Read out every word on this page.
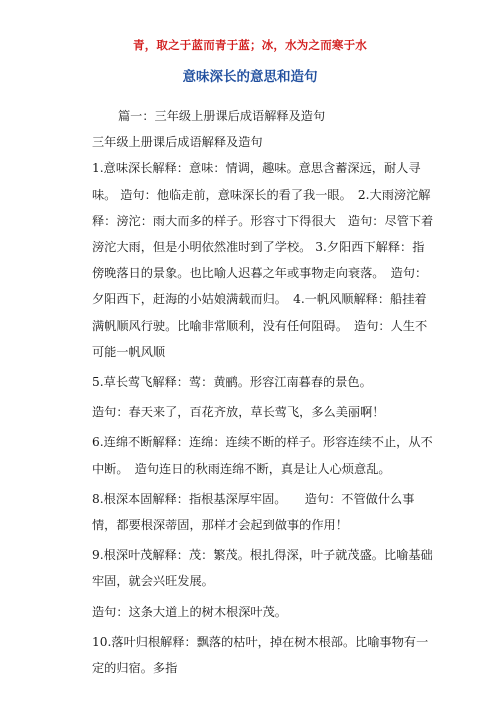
青，取之于蓝而青于蓝；冰，水为之而寒于水
意味深长的意思和造句

篇一：三年级上册课后成语解释及造句

三年级上册课后成语解释及造句

1.意味深长解释：意味：情调，趣味。意思含蓄深远，耐人寻味。 造句：他临走前，意味深长的看了我一眼。　2.大雨滂沱解释：滂沱：雨大而多的样子。形容寸下得很大　造句：尽管下着滂沱大雨，但是小明依然准时到了学校。 3.夕阳西下解释：指傍晚落日的景象。也比喻人迟暮之年或事物走向衰落。　造句：夕阳西下，赶海的小姑娘满载而归。　4.一帆风顺解释：船挂着满帆顺风行驶。比喻非常顺利，没有任何阻碍。　造句：人生不可能一帆风顺

5.草长莺飞解释：莺：黄鹂。形容江南暮春的景色。

造句：春天来了，百花齐放，草长莺飞，多么美丽啊！

6.连绵不断解释：连绵：连续不断的样子。形容连续不止，从不中断。　造句连日的秋雨连绵不断，真是让人心烦意乱。

8.根深本固解释：指根基深厚牢固。　　造句：不管做什么事情，都要根深蒂固，那样才会起到做事的作用！

9.根深叶茂解释：茂：繁茂。根扎得深，叶子就茂盛。比喻基础牢固，就会兴旺发展。

造句：这条大道上的树木根深叶茂。

10.落叶归根解释：飘落的枯叶，掉在树木根部。比喻事物有一定的归宿。多指
